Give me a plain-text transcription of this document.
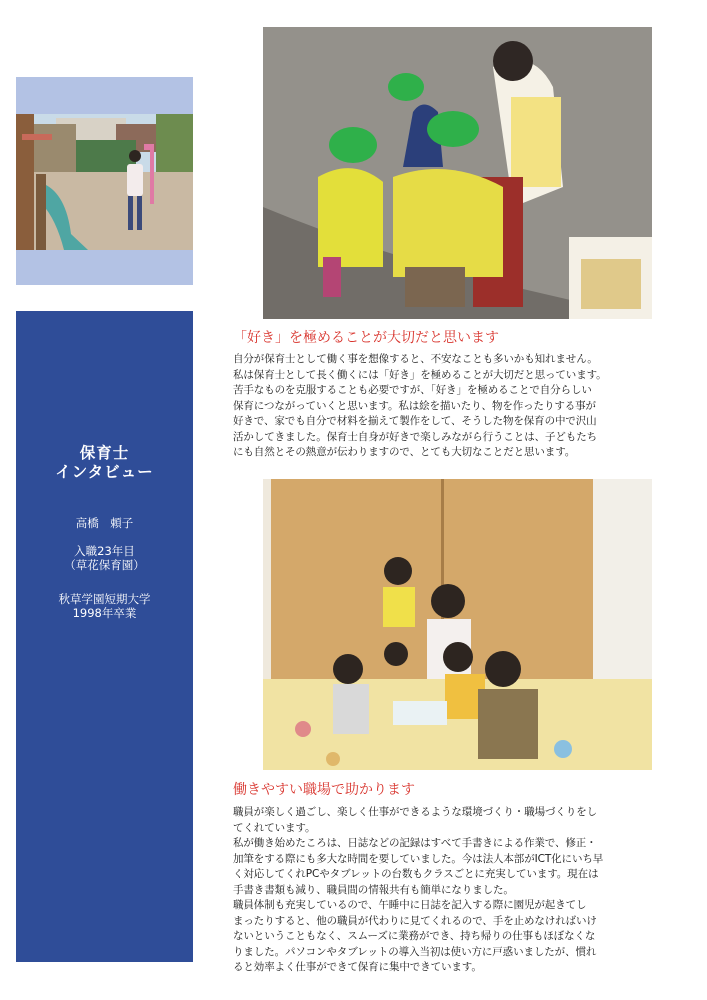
保育士
インタビュー
高橋　頼子
入職23年目
（草花保育園）
秋草学園短期大学
1998年卒業
「好き」を極めることが大切だと思います

自分が保育士として働く事を想像すると、不安なことも多いかも知れません。

私は保育士として長く働くには「好き」を極めることが大切だと思っています。

苦手なものを克服することも必要ですが、「好き」を極めることで自分らしい

保育につながっていくと思います。私は絵を描いたり、物を作ったりする事が

好きで、家でも自分で材料を揃えて製作をして、そうした物を保育の中で沢山

活かしてきました。保育士自身が好きで楽しみながら行うことは、子どもたち

にも自然とその熱意が伝わりますので、とても大切なことだと思います。

働きやすい職場で助かります

職員が楽しく過ごし、楽しく仕事ができるような環境づくり・職場づくりをし

てくれています。

私が働き始めたころは、日誌などの記録はすべて手書きによる作業で、修正・

加筆をする際にも多大な時間を要していました。今は法人本部がICT化にいち早

く対応してくれPCやタブレットの台数もクラスごとに充実しています。現在は

手書き書類も減り、職員間の情報共有も簡単になりました。

職員体制も充実しているので、午睡中に日誌を記入する際に園児が起きてし

まったりすると、他の職員が代わりに見てくれるので、手を止めなければいけ

ないということもなく、スムーズに業務ができ、持ち帰りの仕事もほぼなくな

りました。パソコンやタブレットの導入当初は使い方に戸惑いましたが、慣れ

ると効率よく仕事ができて保育に集中できています。
